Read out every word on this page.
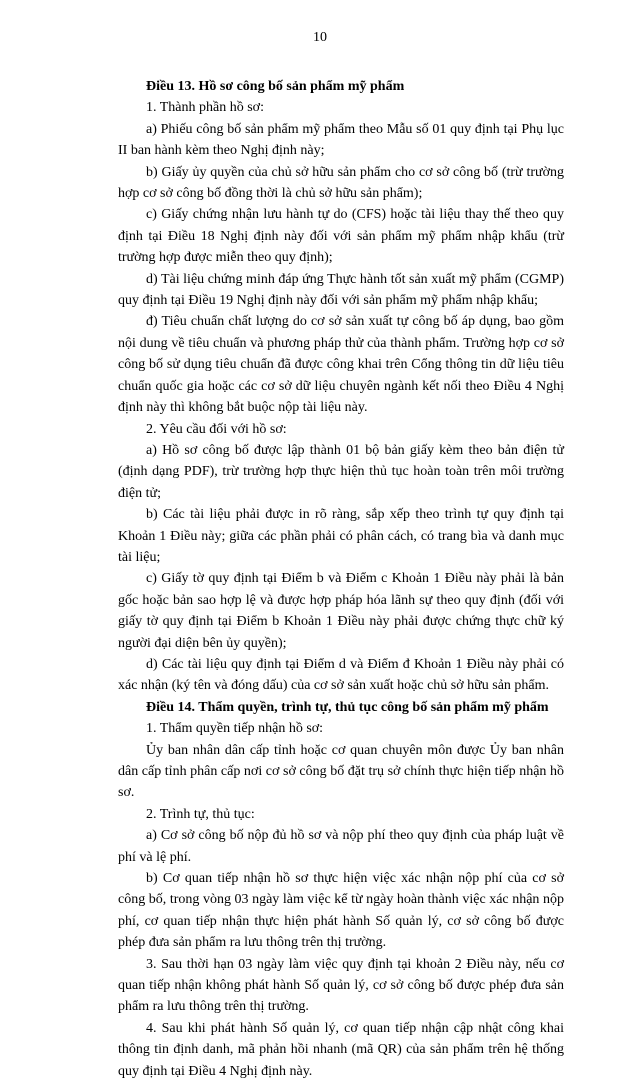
10

Điều 13. Hồ sơ công bố sản phẩm mỹ phẩm

1. Thành phần hồ sơ:

a) Phiếu công bố sản phẩm mỹ phẩm theo Mẫu số 01 quy định tại Phụ lục II ban hành kèm theo Nghị định này;

b) Giấy ủy quyền của chủ sở hữu sản phẩm cho cơ sở công bố (trừ trường hợp cơ sở công bố đồng thời là chủ sở hữu sản phẩm);

c) Giấy chứng nhận lưu hành tự do (CFS) hoặc tài liệu thay thế theo quy định tại Điều 18 Nghị định này đối với sản phẩm mỹ phẩm nhập khẩu (trừ trường hợp được miễn theo quy định);

d) Tài liệu chứng minh đáp ứng Thực hành tốt sản xuất mỹ phẩm (CGMP) quy định tại Điều 19 Nghị định này đối với sản phẩm mỹ phẩm nhập khẩu;

đ) Tiêu chuẩn chất lượng do cơ sở sản xuất tự công bố áp dụng, bao gồm nội dung về tiêu chuẩn và phương pháp thử của thành phẩm. Trường hợp cơ sở công bố sử dụng tiêu chuẩn đã được công khai trên Cổng thông tin dữ liệu tiêu chuẩn quốc gia hoặc các cơ sở dữ liệu chuyên ngành kết nối theo Điều 4 Nghị định này thì không bắt buộc nộp tài liệu này.

2. Yêu cầu đối với hồ sơ:

a) Hồ sơ công bố được lập thành 01 bộ bản giấy kèm theo bản điện tử (định dạng PDF), trừ trường hợp thực hiện thủ tục hoàn toàn trên môi trường điện tử;

b) Các tài liệu phải được in rõ ràng, sắp xếp theo trình tự quy định tại Khoản 1 Điều này; giữa các phần phải có phân cách, có trang bìa và danh mục tài liệu;

c) Giấy tờ quy định tại Điểm b và Điểm c Khoản 1 Điều này phải là bản gốc hoặc bản sao hợp lệ và được hợp pháp hóa lãnh sự theo quy định (đối với giấy tờ quy định tại Điểm b Khoản 1 Điều này phải được chứng thực chữ ký người đại diện bên ủy quyền);

d) Các tài liệu quy định tại Điểm d và Điểm đ Khoản 1 Điều này phải có xác nhận (ký tên và đóng dấu) của cơ sở sản xuất hoặc chủ sở hữu sản phẩm.

Điều 14. Thẩm quyền, trình tự, thủ tục công bố sản phẩm mỹ phẩm

1. Thẩm quyền tiếp nhận hồ sơ:

Ủy ban nhân dân cấp tỉnh hoặc cơ quan chuyên môn được Ủy ban nhân dân cấp tỉnh phân cấp nơi cơ sở công bố đặt trụ sở chính thực hiện tiếp nhận hồ sơ.

2. Trình tự, thủ tục:

a) Cơ sở công bố nộp đủ hồ sơ và nộp phí theo quy định của pháp luật về phí và lệ phí.

b) Cơ quan tiếp nhận hồ sơ thực hiện việc xác nhận nộp phí của cơ sở công bố, trong vòng 03 ngày làm việc kể từ ngày hoàn thành việc xác nhận nộp phí, cơ quan tiếp nhận thực hiện phát hành Số quản lý, cơ sở công bố được phép đưa sản phẩm ra lưu thông trên thị trường.

3. Sau thời hạn 03 ngày làm việc quy định tại khoản 2 Điều này, nếu cơ quan tiếp nhận không phát hành Số quản lý, cơ sở công bố được phép đưa sản phẩm ra lưu thông trên thị trường.

4. Sau khi phát hành Số quản lý, cơ quan tiếp nhận cập nhật công khai thông tin định danh, mã phản hồi nhanh (mã QR) của sản phẩm trên hệ thống quy định tại Điều 4 Nghị định này.
